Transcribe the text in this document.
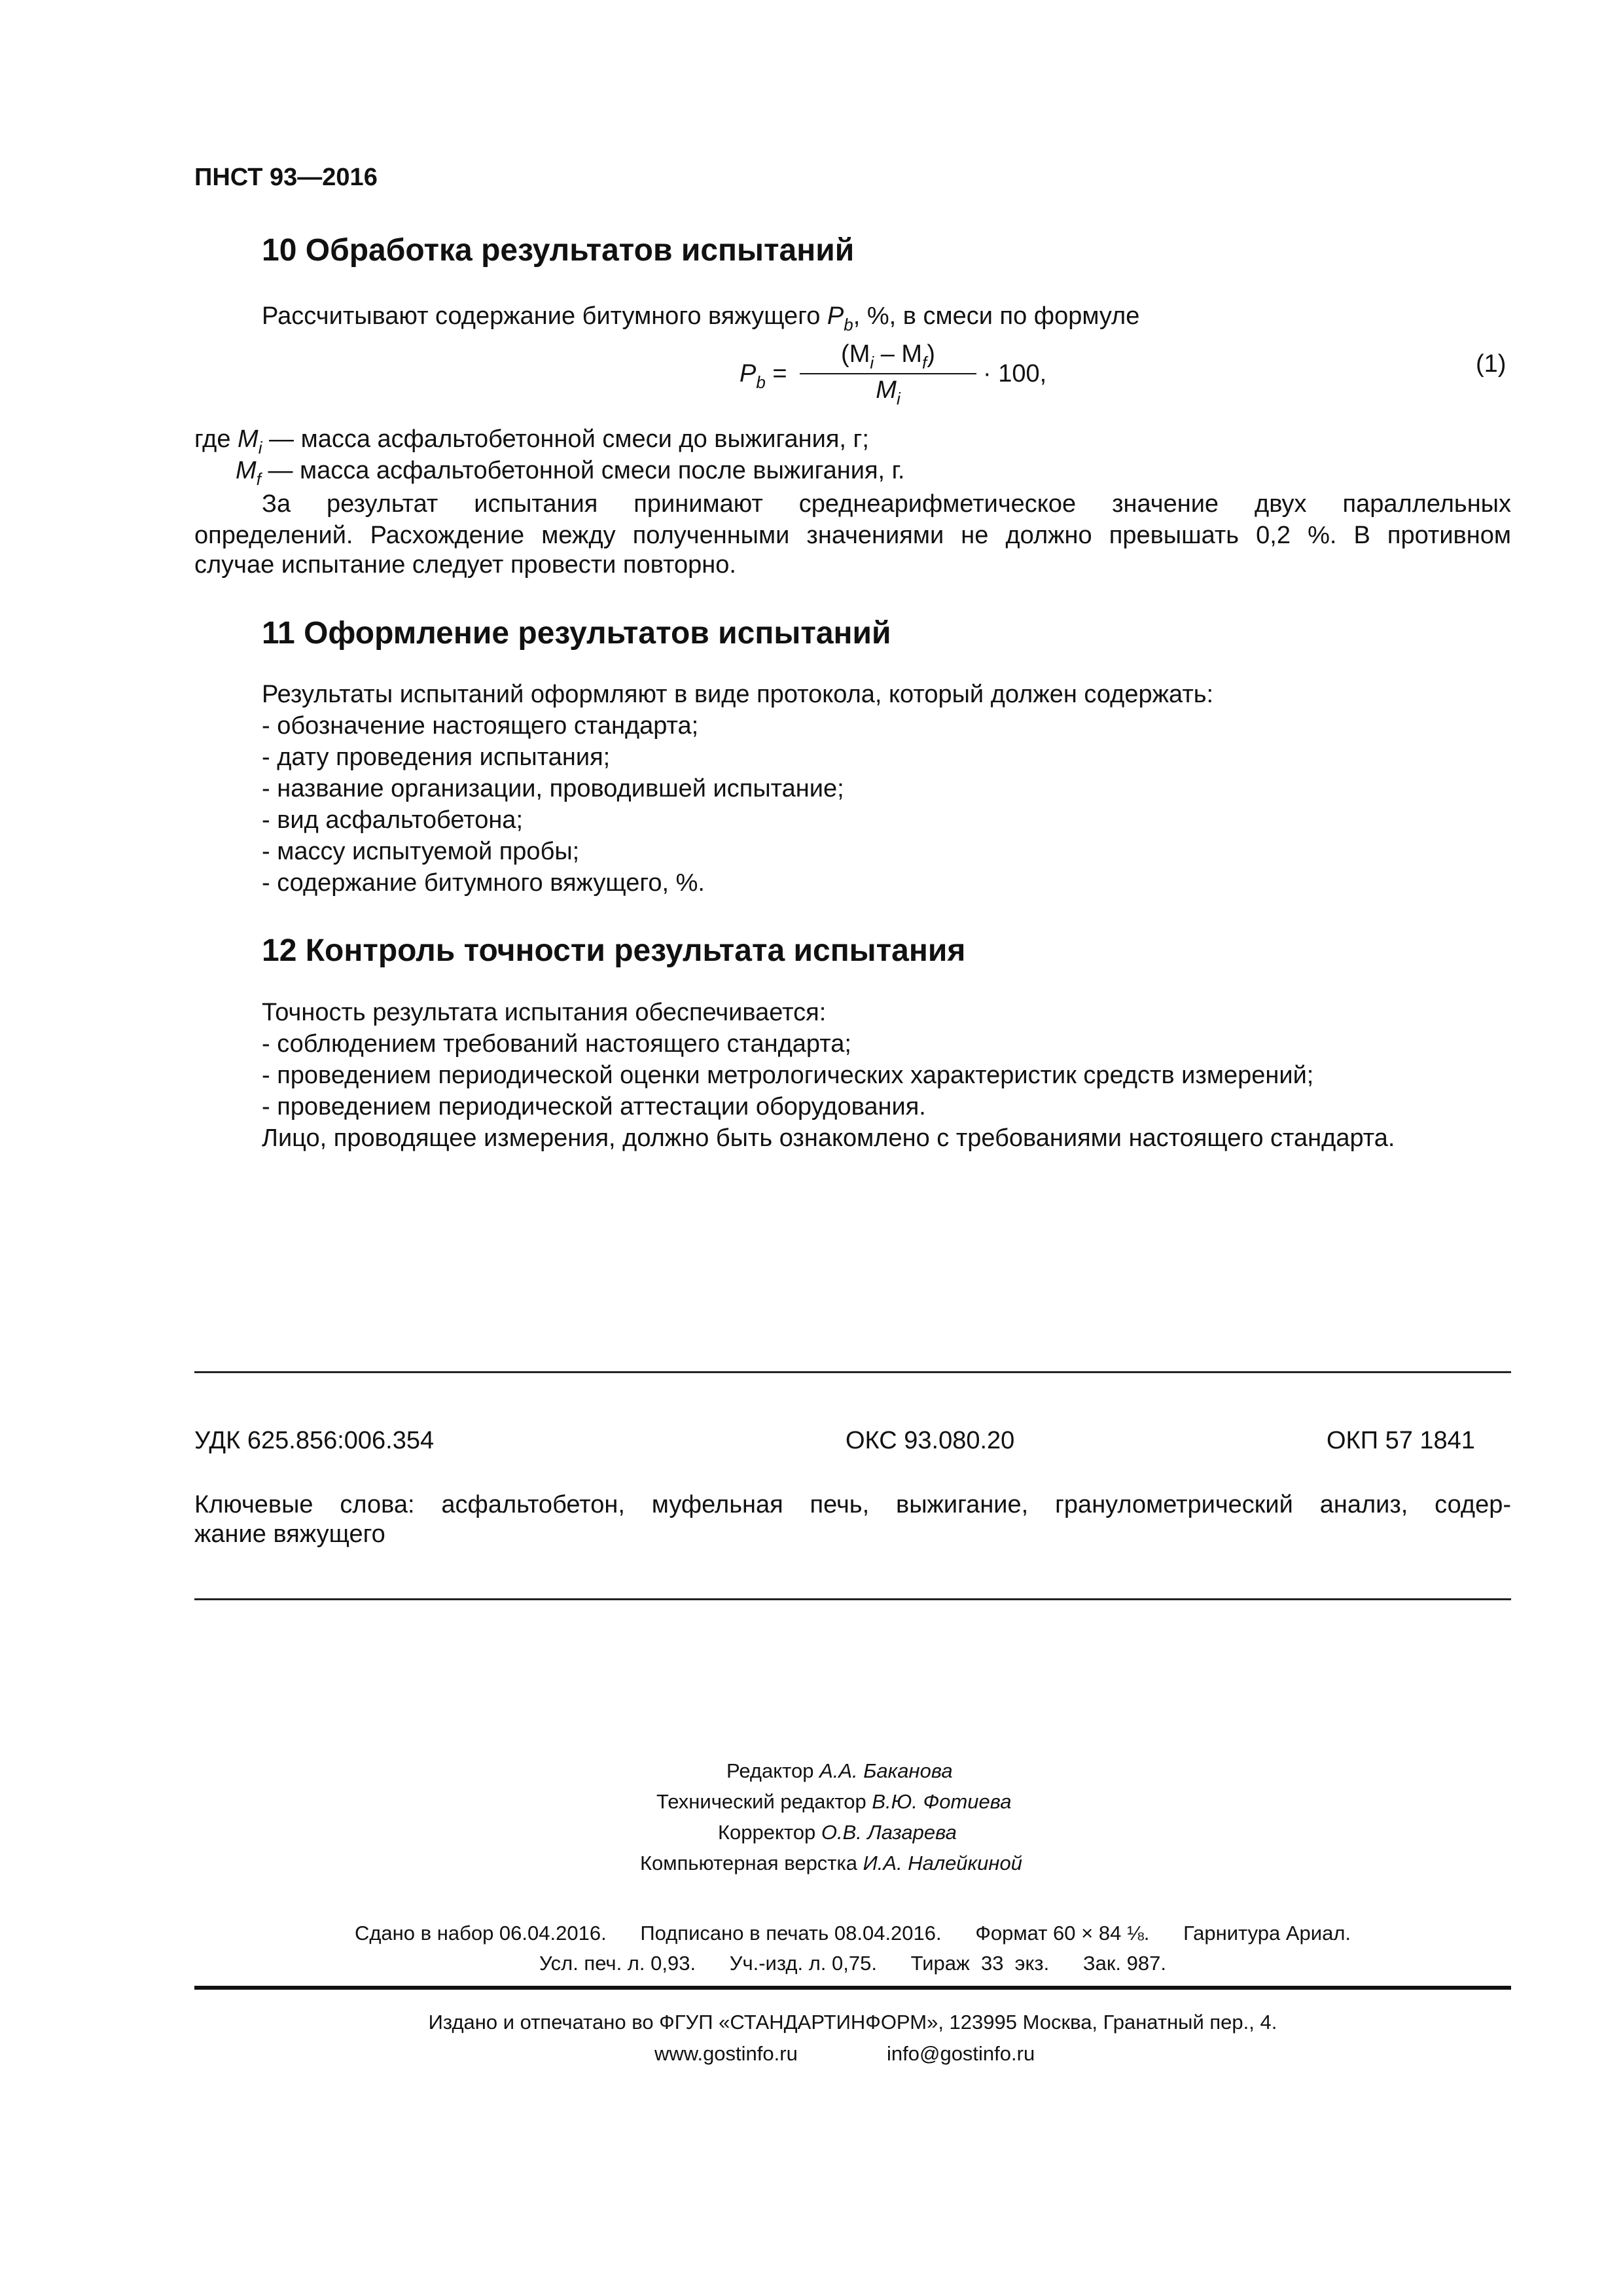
ПНСТ 93—2016
10 Обработка результатов испытаний
Рассчитывают содержание битумного вяжущего $P_b$, %, в смеси по формуле
$P_b$ =
$(M_i - M_f)$
$M_i$
· 100,	(1)
где $M_i$ — масса асфальтобетонной смеси до выжигания, г;
$M_f$ — масса асфальтобетонной смеси после выжигания, г.
За результат испытания принимают среднеарифметическое значение двух параллельных
определений. Расхождение между полученными значениями не должно превышать 0,2 %. В противном
случае испытание следует провести повторно.
11 Оформление результатов испытаний
Результаты испытаний оформляют в виде протокола, который должен содержать:
- обозначение настоящего стандарта;
- дату проведения испытания;
- название организации, проводившей испытание;
- вид асфальтобетона;
- массу испытуемой пробы;
- содержание битумного вяжущего, %.
12 Контроль точности результата испытания
Точность результата испытания обеспечивается:
- соблюдением требований настоящего стандарта;
- проведением периодической оценки метрологических характеристик средств измерений;
- проведением периодической аттестации оборудования.
Лицо, проводящее измерения, должно быть ознакомлено с требованиями настоящего стандарта.
УДК 625.856:006.354	ОКС 93.080.20	ОКП 57 1841
Ключевые слова: асфальтобетон, муфельная печь, выжигание, гранулометрический анализ, содер-
жание вяжущего
Редактор А.А. Баканова
Технический редактор В.Ю. Фотиева
Корректор О.В. Лазарева
Компьютерная верстка И.А. Налейкиной
Сдано в набор 06.04.2016.      Подписано в печать 08.04.2016.      Формат 60 × 84 ⅛.      Гарнитура Ариал.
Усл. печ. л. 0,93.      Уч.-изд. л. 0,75.      Тираж  33  экз.      Зак. 987.
Издано и отпечатано во ФГУП «СТАНДАРТИНФОРМ», 123995 Москва, Гранатный пер., 4.
www.gostinfo.ru	info@gostinfo.ru
